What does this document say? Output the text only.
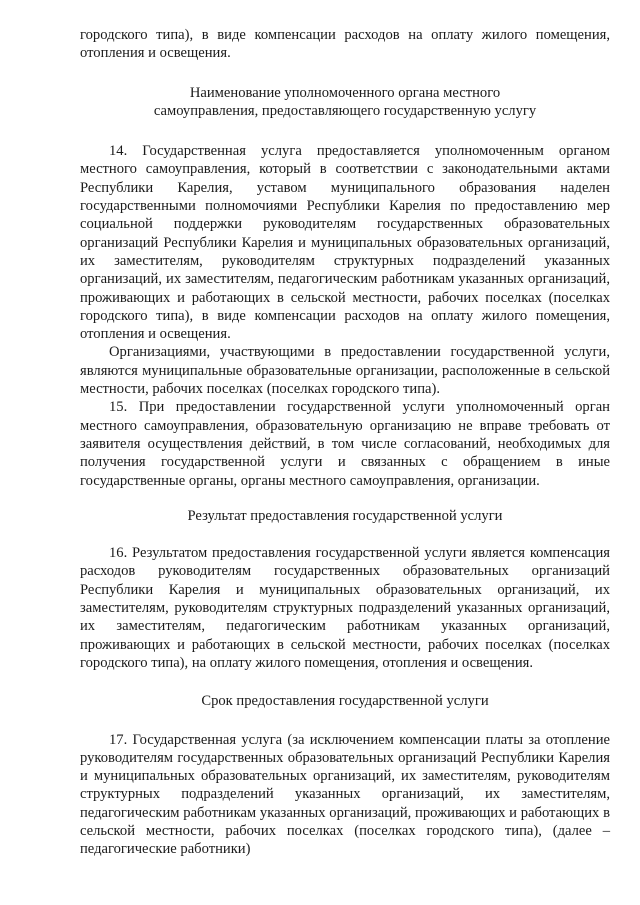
городского типа), в виде компенсации расходов на оплату жилого помещения, отопления и освещения.

Наименование уполномоченного органа местного
самоуправления, предоставляющего государственную услугу

14. Государственная услуга предоставляется уполномоченным органом местного самоуправления, который в соответствии с законодательными актами Республики Карелия, уставом муниципального образования наделен государственными полномочиями Республики Карелия по предоставлению мер социальной поддержки руководителям государственных образовательных организаций Республики Карелия и муниципальных образовательных организаций, их заместителям, руководителям структурных подразделений указанных организаций, их заместителям, педагогическим работникам указанных организаций, проживающих и работающих в сельской местности, рабочих поселках (поселках городского типа), в виде компенсации расходов на оплату жилого помещения, отопления и освещения.

Организациями, участвующими в предоставлении государственной услуги, являются муниципальные образовательные организации, расположенные в сельской местности, рабочих поселках (поселках городского типа).

15. При предоставлении государственной услуги уполномоченный орган местного самоуправления, образовательную организацию не вправе требовать от заявителя осуществления действий, в том числе согласований, необходимых для получения государственной услуги и связанных с обращением в иные государственные органы, органы местного самоуправления, организации.

Результат предоставления государственной услуги

16. Результатом предоставления государственной услуги является компенсация расходов руководителям государственных образовательных организаций Республики Карелия и муниципальных образовательных организаций, их заместителям, руководителям структурных подразделений указанных организаций, их заместителям, педагогическим работникам указанных организаций, проживающих и работающих в сельской местности, рабочих поселках (поселках городского типа), на оплату жилого помещения, отопления и освещения.

Срок предоставления государственной услуги

17. Государственная услуга (за исключением компенсации платы за отопление руководителям государственных образовательных организаций Республики Карелия и муниципальных образовательных организаций, их заместителям, руководителям структурных подразделений указанных организаций, их заместителям, педагогическим работникам указанных организаций, проживающих и работающих в сельской местности, рабочих поселках (поселках городского типа), (далее – педагогические работники)
